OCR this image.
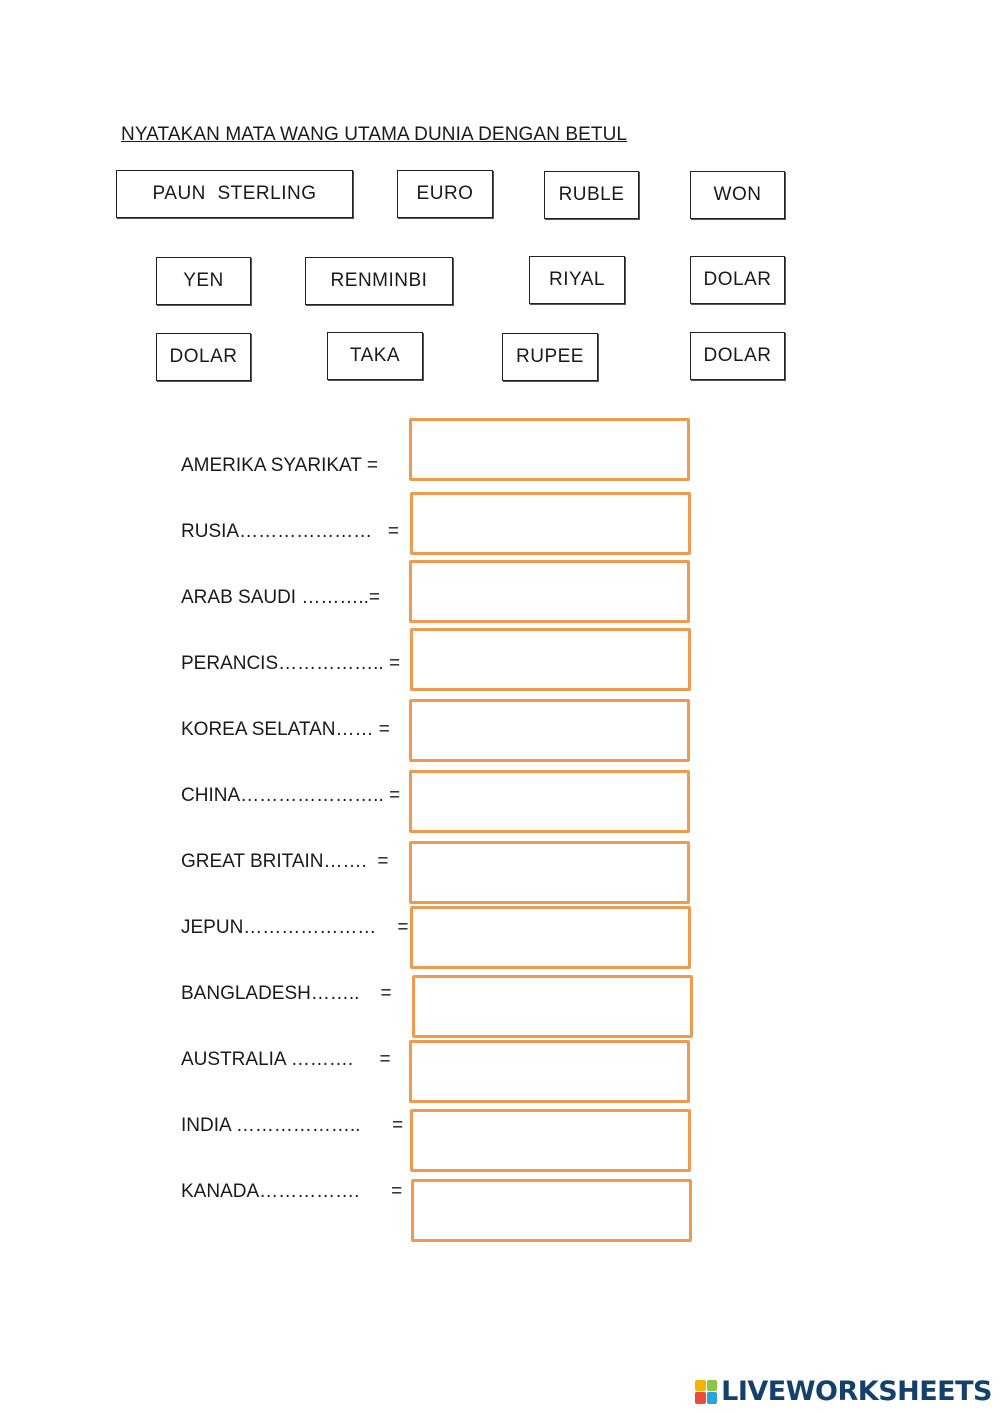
NYATAKAN MATA WANG UTAMA DUNIA DENGAN BETUL
PAUN  STERLING	EURO	RUBLE	WON
YEN	RENMINBI	RIYAL	DOLAR
DOLAR	TAKA	RUPEE	DOLAR
AMERIKA SYARIKAT =
RUSIA…………………   =
ARAB SAUDI ………..=
PERANCIS…………….. =
KOREA SELATAN…… =
CHINA………………….. =
GREAT BRITAIN…….  =
JEPUN…………………    =
BANGLADESH……..    =
AUSTRALIA ……….     =
INDIA ………………..      =
KANADA…………….      =
LIVEWORKSHEETS
